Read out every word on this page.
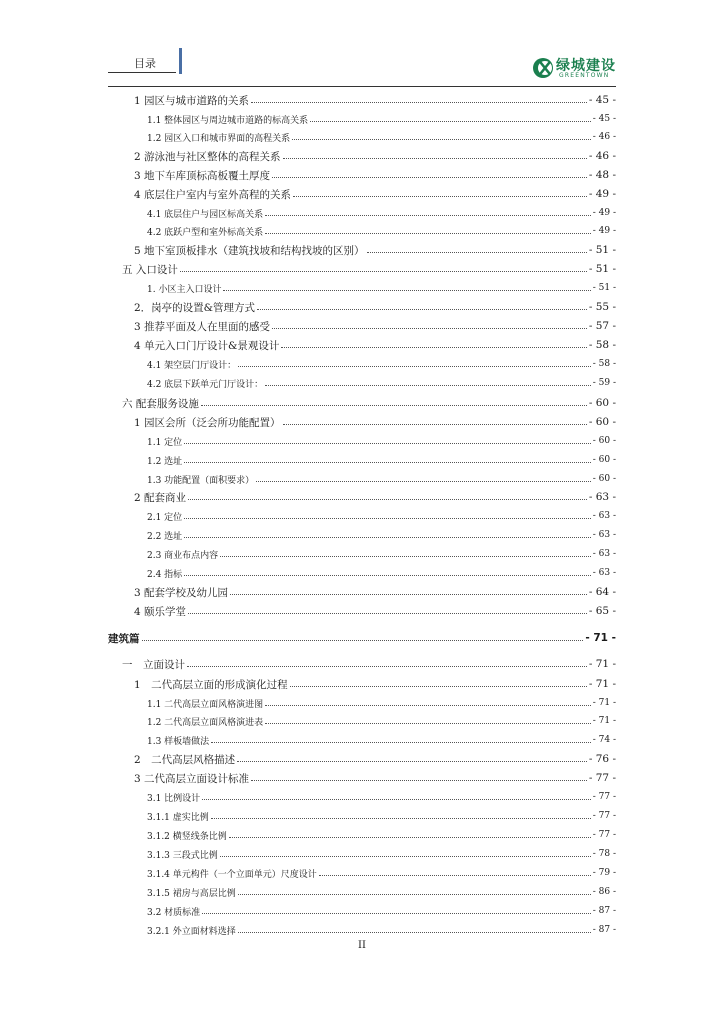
目录	绿城建设
GREENTOWN
1 园区与城市道路的关系	- 45 -
1.1 整体园区与周边城市道路的标高关系	- 45 -
1.2 园区入口和城市界面的高程关系	- 46 -
2 游泳池与社区整体的高程关系	- 46 -
3 地下车库顶标高板覆土厚度	- 48 -
4 底层住户室内与室外高程的关系	- 49 -
4.1 底层住户与园区标高关系	- 49 -
4.2 底跃户型和室外标高关系	- 49 -
5 地下室顶板排水（建筑找坡和结构找坡的区别）	- 51 -
五 入口设计	- 51 -
1. 小区主入口设计	- 51 -
2．岗亭的设置&管理方式	- 55 -
3 推荐平面及人在里面的感受	- 57 -
4 单元入口门厅设计&景观设计	- 58 -
4.1 架空层门厅设计：	- 58 -
4.2 底层下跃单元门厅设计：	- 59 -
六 配套服务设施	- 60 -
1 园区会所（泛会所功能配置）	- 60 -
1.1 定位	- 60 -
1.2 选址	- 60 -
1.3 功能配置（面积要求）	- 60 -
2 配套商业	- 63 -
2.1 定位	- 63 -
2.2 选址	- 63 -
2.3 商业布点内容	- 63 -
2.4 指标	- 63 -
3 配套学校及幼儿园	- 64 -
4 颐乐学堂	- 65 -
建筑篇	- 71 -
一　立面设计	- 71 -
1　二代高层立面的形成演化过程	- 71 -
1.1 二代高层立面风格演进图	- 71 -
1.2 二代高层立面风格演进表	- 71 -
1.3 样板墙做法	- 74 -
2　二代高层风格描述	- 76 -
3 二代高层立面设计标准	- 77 -
3.1 比例设计	- 77 -
3.1.1 虚实比例	- 77 -
3.1.2 横竖线条比例	- 77 -
3.1.3 三段式比例	- 78 -
3.1.4 单元构件（一个立面单元）尺度设计	- 79 -
3.1.5 裙房与高层比例	- 86 -
3.2 材质标准	- 87 -
3.2.1 外立面材料选择	- 87 -
II
